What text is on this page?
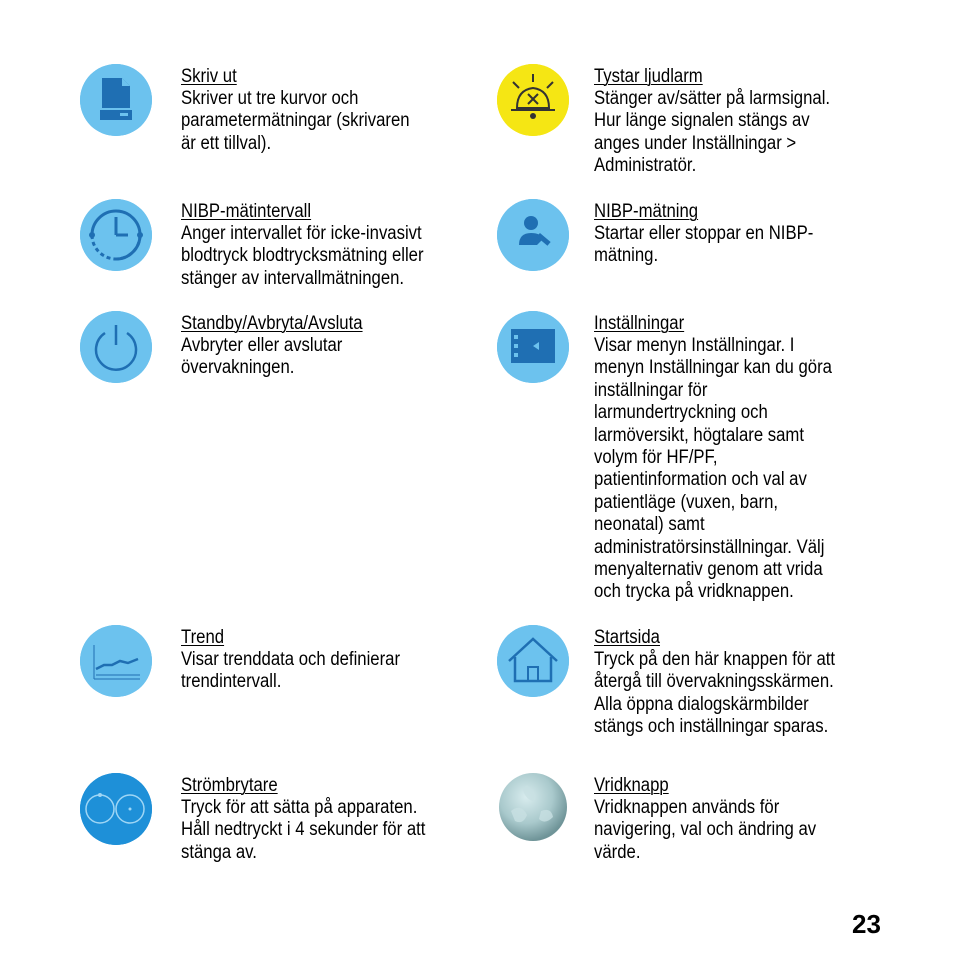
Skriv ut
Skriver ut tre kurvor och
parametermätningar (skrivaren
är ett tillval).
NIBP-mätintervall
Anger intervallet för icke-invasivt
blodtryck blodtrycksmätning eller
stänger av intervallmätningen.
Standby/Avbryta/Avsluta
Avbryter eller avslutar
övervakningen.
Trend
Visar trenddata och definierar
trendintervall.
Strömbrytare
Tryck för att sätta på apparaten.
Håll nedtryckt i 4 sekunder för att
stänga av.
Tystar ljudlarm
Stänger av/sätter på larmsignal.
Hur länge signalen stängs av
anges under Inställningar >
Administratör.
NIBP-mätning
Startar eller stoppar en NIBP-
mätning.
Inställningar
Visar menyn Inställningar. I
menyn Inställningar kan du göra
inställningar för
larmundertryckning och
larmöversikt, högtalare samt
volym för HF/PF,
patientinformation och val av
patientläge (vuxen, barn,
neonatal) samt
administratörsinställningar. Välj
menyalternativ genom att vrida
och trycka på vridknappen.
Startsida
Tryck på den här knappen för att
återgå till övervakningsskärmen.
Alla öppna dialogskärmbilder
stängs och inställningar sparas.
Vridknapp
Vridknappen används för
navigering, val och ändring av
värde.
23
